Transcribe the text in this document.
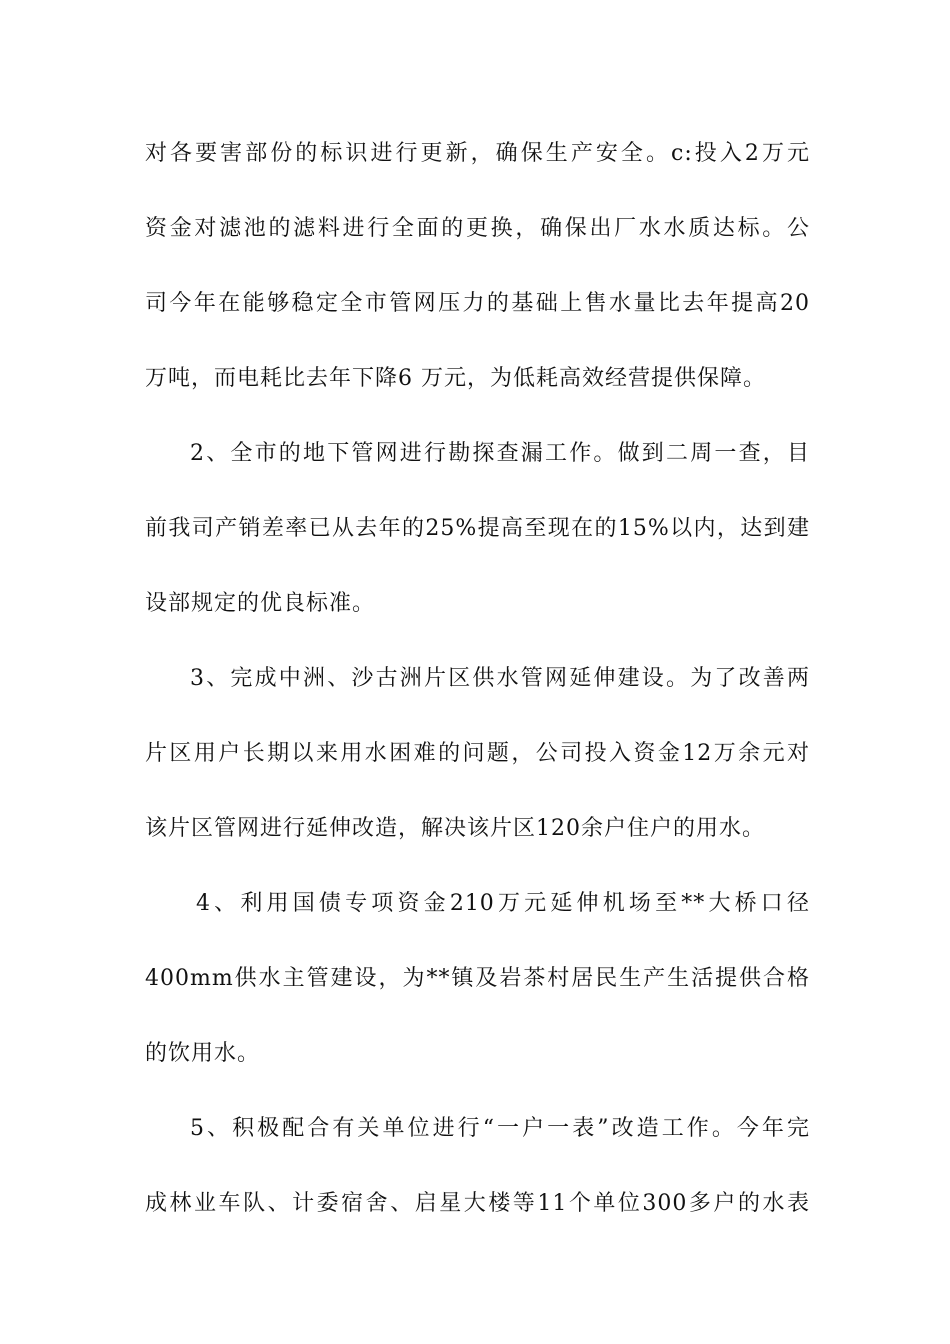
对各要害部份的标识进行更新，确保生产安全。c:投入2万元
资金对滤池的滤料进行全面的更换，确保出厂水水质达标。公
司今年在能够稳定全市管网压力的基础上售水量比去年提高20
万吨，而电耗比去年下降6 万元，为低耗高效经营提供保障。
2、全市的地下管网进行勘探查漏工作。做到二周一查，目
前我司产销差率已从去年的25%提高至现在的15%以内，达到建
设部规定的优良标准。
3、完成中洲、沙古洲片区供水管网延伸建设。为了改善两
片区用户长期以来用水困难的问题，公司投入资金12万余元对
该片区管网进行延伸改造，解决该片区120余户住户的用水。
4、利用国债专项资金210万元延伸机场至**大桥口径
400mm供水主管建设，为**镇及岩茶村居民生产生活提供合格
的饮用水。
5、积极配合有关单位进行“一户一表”改造工作。今年完
成林业车队、计委宿舍、启星大楼等11个单位300多户的水表
